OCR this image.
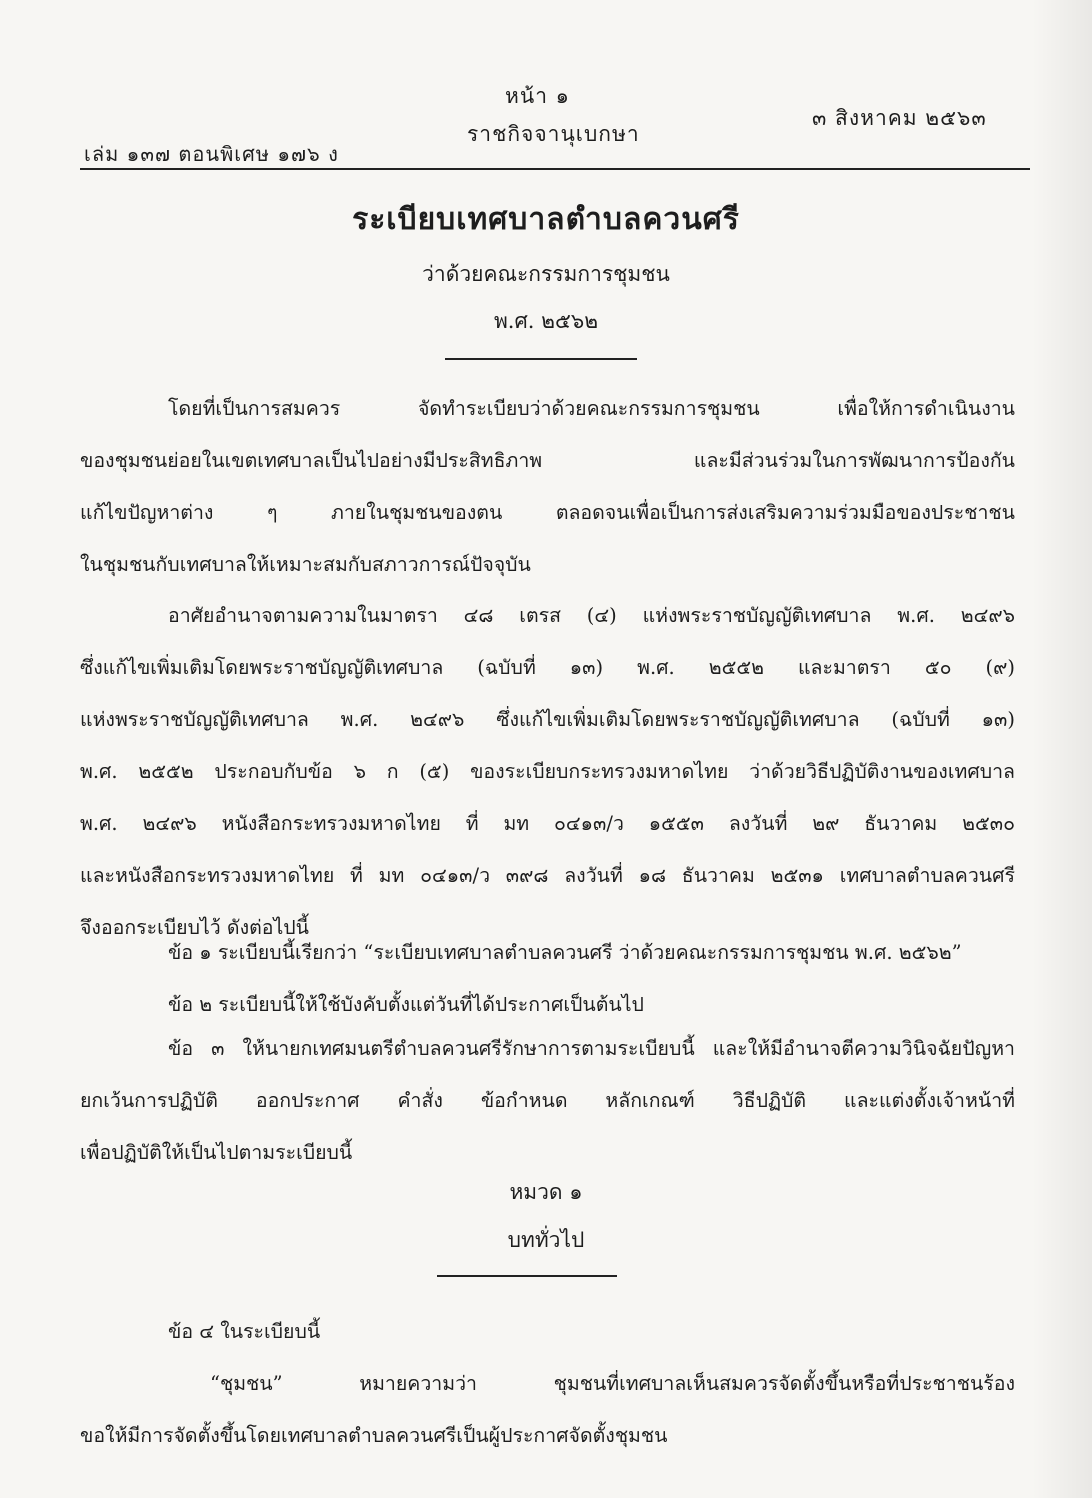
หน้า ๑
เล่ม ๑๓๗ ตอนพิเศษ ๑๗๖ ง
ราชกิจจานุเบกษา
๓ สิงหาคม ๒๕๖๓
ระเบียบเทศบาลตำบลควนศรี
ว่าด้วยคณะกรรมการชุมชน
พ.ศ. ๒๕๖๒
โดยที่เป็นการสมควร จัดทำระเบียบว่าด้วยคณะกรรมการชุมชน เพื่อให้การดำเนินงาน
ของชุมชนย่อยในเขตเทศบาลเป็นไปอย่างมีประสิทธิภาพ และมีส่วนร่วมในการพัฒนาการป้องกัน
แก้ไขปัญหาต่าง ๆ ภายในชุมชนของตน ตลอดจนเพื่อเป็นการส่งเสริมความร่วมมือของประชาชน
ในชุมชนกับเทศบาลให้เหมาะสมกับสภาวการณ์ปัจจุบัน
อาศัยอำนาจตามความในมาตรา ๔๘ เตรส (๔) แห่งพระราชบัญญัติเทศบาล พ.ศ. ๒๔๙๖
ซึ่งแก้ไขเพิ่มเติมโดยพระราชบัญญัติเทศบาล (ฉบับที่ ๑๓) พ.ศ. ๒๕๕๒ และมาตรา ๕๐ (๙)
แห่งพระราชบัญญัติเทศบาล พ.ศ. ๒๔๙๖ ซึ่งแก้ไขเพิ่มเติมโดยพระราชบัญญัติเทศบาล (ฉบับที่ ๑๓)
พ.ศ. ๒๕๕๒ ประกอบกับข้อ ๖ ก (๕) ของระเบียบกระทรวงมหาดไทย ว่าด้วยวิธีปฏิบัติงานของเทศบาล
พ.ศ. ๒๔๙๖ หนังสือกระทรวงมหาดไทย ที่ มท ๐๔๑๓/ว ๑๕๕๓ ลงวันที่ ๒๙ ธันวาคม ๒๕๓๐
และหนังสือกระทรวงมหาดไทย ที่ มท ๐๔๑๓/ว ๓๙๘ ลงวันที่ ๑๘ ธันวาคม ๒๕๓๑ เทศบาลตำบลควนศรี
จึงออกระเบียบไว้ ดังต่อไปนี้
ข้อ ๑ ระเบียบนี้เรียกว่า “ระเบียบเทศบาลตำบลควนศรี ว่าด้วยคณะกรรมการชุมชน พ.ศ. ๒๕๖๒”
ข้อ ๒ ระเบียบนี้ให้ใช้บังคับตั้งแต่วันที่ได้ประกาศเป็นต้นไป
ข้อ ๓ ให้นายกเทศมนตรีตำบลควนศรีรักษาการตามระเบียบนี้ และให้มีอำนาจตีความวินิจฉัยปัญหา
ยกเว้นการปฏิบัติ ออกประกาศ คำสั่ง ข้อกำหนด หลักเกณฑ์ วิธีปฏิบัติ และแต่งตั้งเจ้าหน้าที่
เพื่อปฏิบัติให้เป็นไปตามระเบียบนี้
หมวด ๑
บททั่วไป
ข้อ ๔ ในระเบียบนี้
“ชุมชน” หมายความว่า ชุมชนที่เทศบาลเห็นสมควรจัดตั้งขึ้นหรือที่ประชาชนร้อง
ขอให้มีการจัดตั้งขึ้นโดยเทศบาลตำบลควนศรีเป็นผู้ประกาศจัดตั้งชุมชน
